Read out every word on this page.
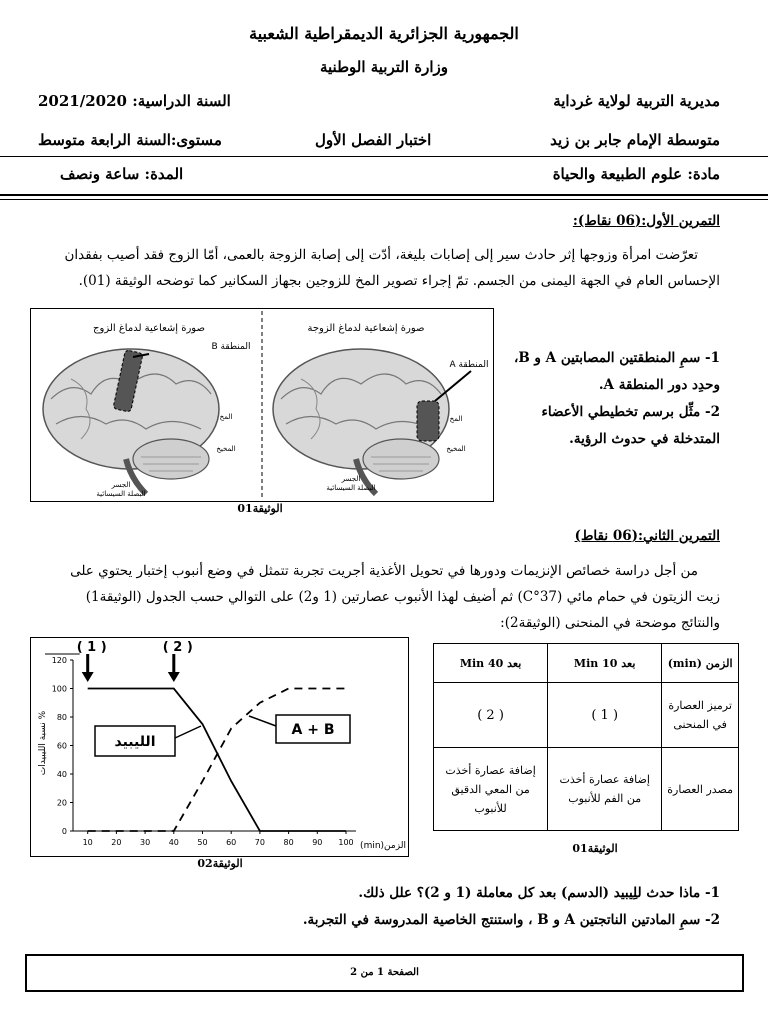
الجمهورية الجزائرية الديمقراطية الشعبية
وزارة التربية الوطنية
مديرية التربية لولاية غرداية
السنة الدراسية: 2021/2020
متوسطة الإمام جابر بن زيد
اختبار الفصل الأول
مستوى:السنة الرابعة متوسط
مادة: علوم الطبيعة والحياة
المدة: ساعة ونصف
التمرين الأول:(06 نقاط):
تعرّضت امرأة وزوجها إثر حادث سير إلى إصابات بليغة، أدّت إلى إصابة الزوجة بالعمى، أمّا الزوج فقد أصيب بفقدان
الإحساس العام في الجهة اليمنى من الجسم. تمّ إجراء تصوير المخ للزوجين بجهاز السكانير كما توضحه الوثيقة (01).
صورة إشعاعية لدماغ الزوج
المنطقة B
المخ
المخيخ
الجسر
البصلة السيسائية
صورة إشعاعية لدماغ الزوجة
المنطقة A
المخ
المخيخ
الجسر
البصلة السيسائية
الوثيقة01
1- سمِ المنطقتين المصابتين A و B،
وحدِد دور المنطقة A.
2- مثِّل برسم تخطيطي الأعضاء
المتدخلة في حدوث الرؤية.
التمرين الثاني:(06 نقاط)
من أجل دراسة خصائص الإنزيمات ودورها في تحويل الأغذية أجريت تجربة تتمثل في وضع أنبوب إختبار يحتوي على
زيت الزيتون في حمام مائي (37°C) ثم أضيف لهذا الأنبوب عصارتين (1 و2) على التوالي حسب الجدول (الوثيقة1)
والنتائج موضحة في المنحنى (الوثيقة2):
0
20
40
60
80
100
120
10 20 30 40 50 60 70 80 90 100
( 1 )	( 2 )
الليبيد
A + B
% نسبة الليبيدات
الزمن(min)
الوثيقة02
الزمن (min)	بعد 10 Min	بعد 40 Min
ترميز العصارة في المنحنى	( 1 )	( 2 )
مصدر العصارة	إضافة عصارة أخذت من الفم للأنبوب	إضافة عصارة أخذت من المعي الدقيق للأنبوب
الوثيقة01
1- ماذا حدث للِيبيد (الدسم) بعد كل معاملة (1 و 2)؟ علل ذلك.
2- سمِ المادتين الناتجتين A و B ، واستنتج الخاصية المدروسة في التجربة.
الصفحة 1 من 2
